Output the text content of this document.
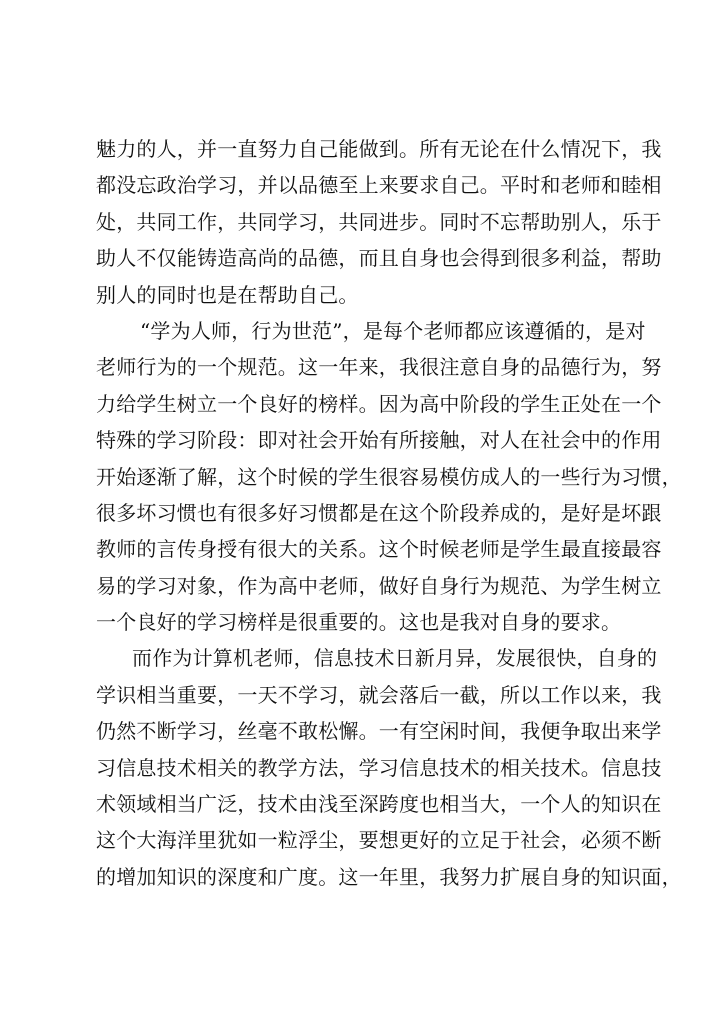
魅力的人，并一直努力自己能做到。所有无论在什么情况下，我
都没忘政治学习，并以品德至上来要求自己。平时和老师和睦相
处，共同工作，共同学习，共同进步。同时不忘帮助别人，乐于
助人不仅能铸造高尚的品德，而且自身也会得到很多利益，帮助
别人的同时也是在帮助自己。
“学为人师，行为世范”，是每个老师都应该遵循的，是对
老师行为的一个规范。这一年来，我很注意自身的品德行为，努
力给学生树立一个良好的榜样。因为高中阶段的学生正处在一个
特殊的学习阶段：即对社会开始有所接触，对人在社会中的作用
开始逐渐了解，这个时候的学生很容易模仿成人的一些行为习惯，
很多坏习惯也有很多好习惯都是在这个阶段养成的，是好是坏跟
教师的言传身授有很大的关系。这个时候老师是学生最直接最容
易的学习对象，作为高中老师，做好自身行为规范、为学生树立
一个良好的学习榜样是很重要的。这也是我对自身的要求。
而作为计算机老师，信息技术日新月异，发展很快，自身的
学识相当重要，一天不学习，就会落后一截，所以工作以来，我
仍然不断学习，丝毫不敢松懈。一有空闲时间，我便争取出来学
习信息技术相关的教学方法，学习信息技术的相关技术。信息技
术领域相当广泛，技术由浅至深跨度也相当大，一个人的知识在
这个大海洋里犹如一粒浮尘，要想更好的立足于社会，必须不断
的增加知识的深度和广度。这一年里，我努力扩展自身的知识面，
